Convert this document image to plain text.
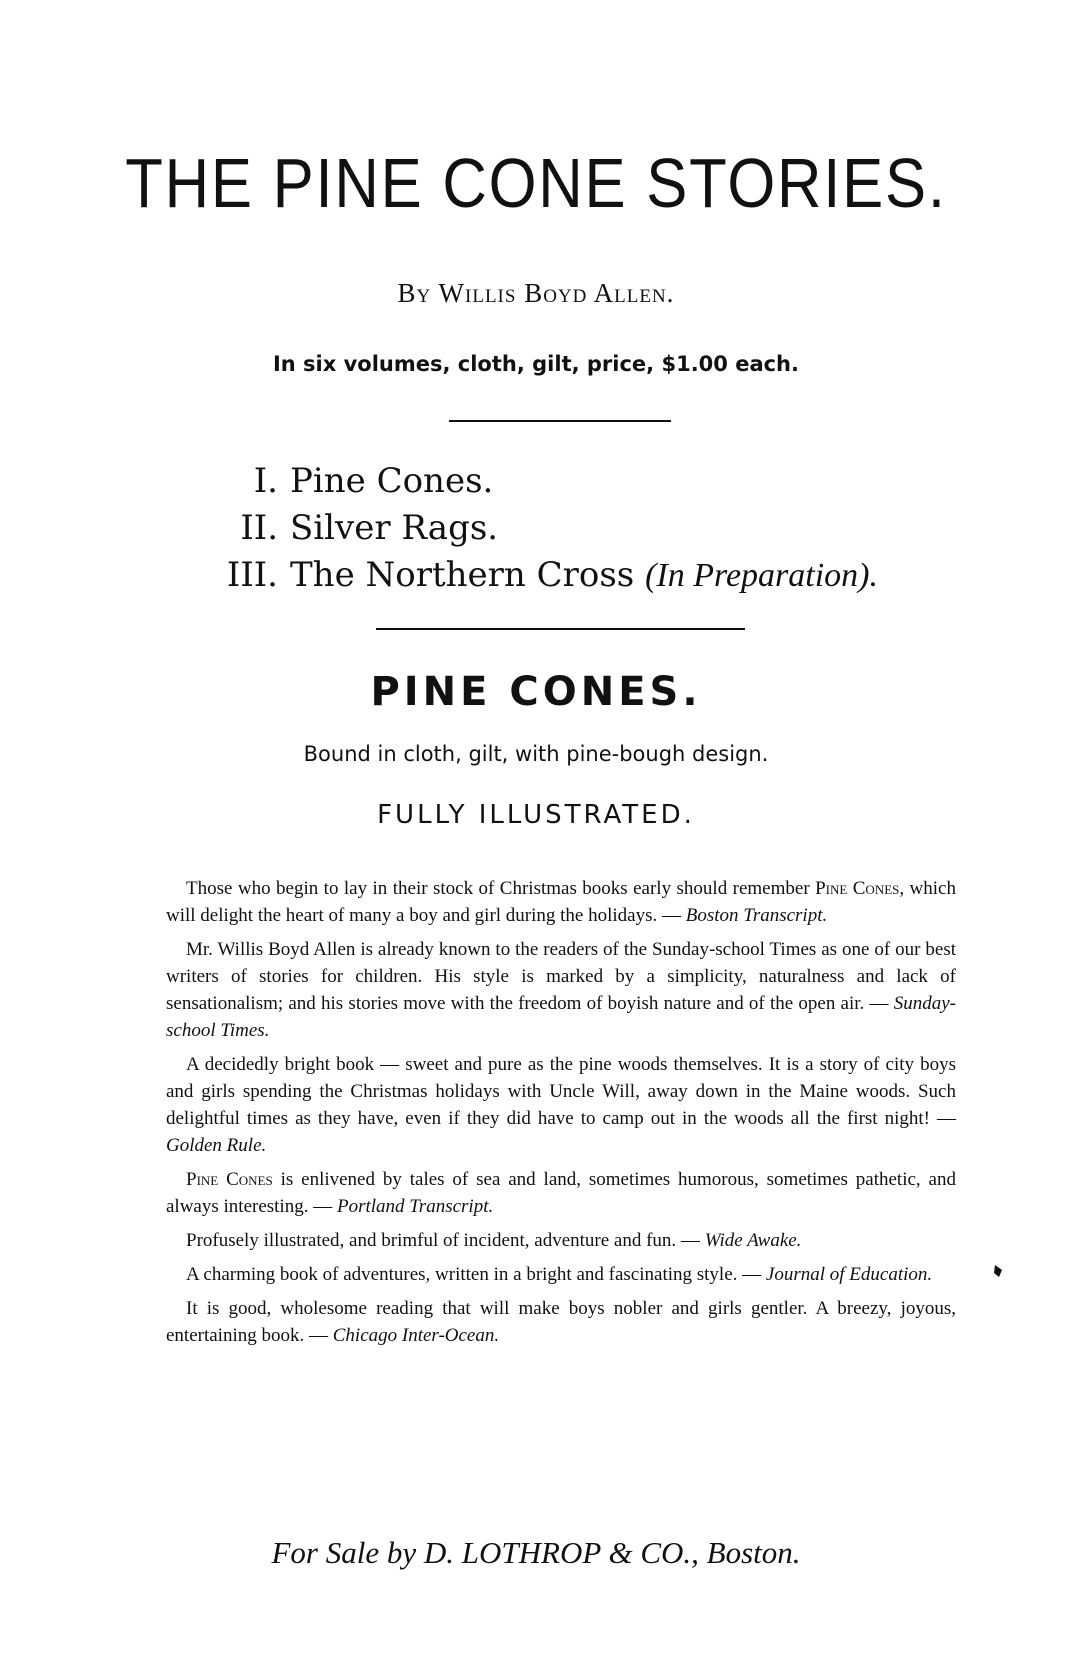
THE PINE CONE STORIES.

By Willis Boyd Allen.

In six volumes, cloth, gilt, price, $1.00 each.

I. Pine Cones.
II. Silver Rags.
III. The Northern Cross (In Preparation).
PINE CONES.

Bound in cloth, gilt, with pine-bough design.

FULLY ILLUSTRATED.

Those who begin to lay in their stock of Christmas books early should remember Pine Cones, which will delight the heart of many a boy and girl during the holidays. — Boston Transcript.

Mr. Willis Boyd Allen is already known to the readers of the Sunday-school Times as one of our best writers of stories for children. His style is marked by a simplicity, naturalness and lack of sensationalism; and his stories move with the freedom of boyish nature and of the open air. — Sunday-school Times.

A decidedly bright book — sweet and pure as the pine woods themselves. It is a story of city boys and girls spending the Christmas holidays with Uncle Will, away down in the Maine woods. Such delightful times as they have, even if they did have to camp out in the woods all the first night! — Golden Rule.

Pine Cones is enlivened by tales of sea and land, sometimes humorous, sometimes pathetic, and always interesting. — Portland Transcript.

Profusely illustrated, and brimful of incident, adventure and fun. — Wide Awake.

A charming book of adventures, written in a bright and fascinating style. — Journal of Education.

It is good, wholesome reading that will make boys nobler and girls gentler. A breezy, joyous, entertaining book. — Chicago Inter-Ocean.

For Sale by D. LOTHROP & CO., Boston.
